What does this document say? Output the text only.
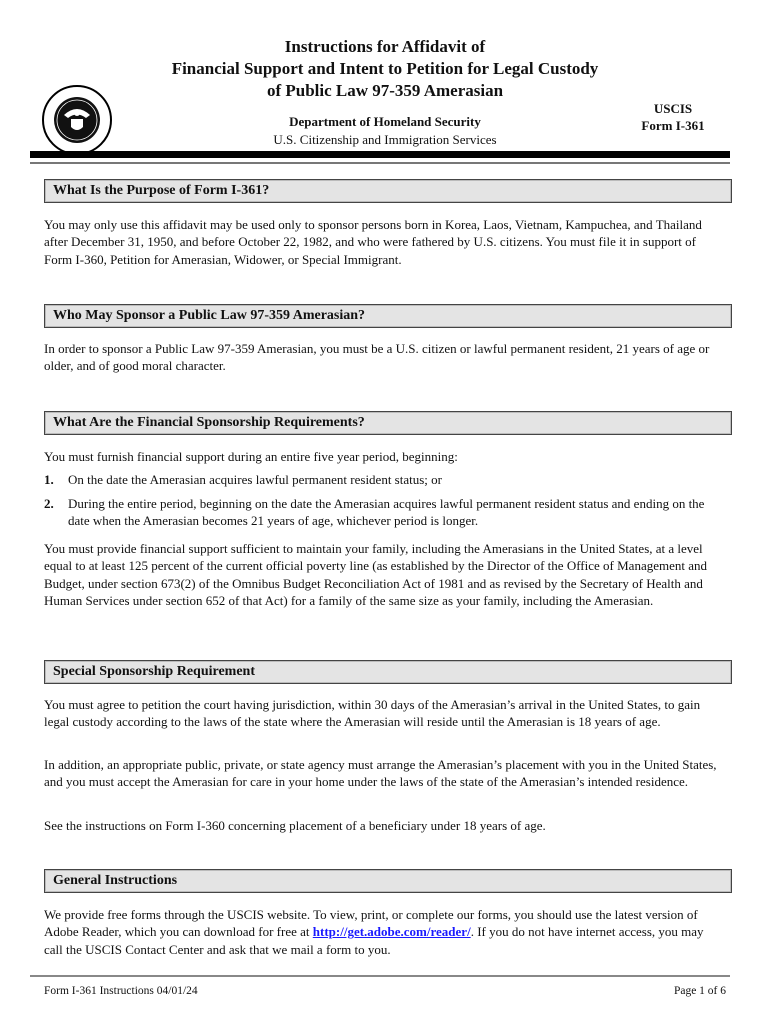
Instructions for Affidavit of
Financial Support and Intent to Petition for Legal Custody
of Public Law 97-359 Amerasian
Department of Homeland Security
U.S. Citizenship and Immigration Services
USCIS
Form I-361
What Is the Purpose of Form I-361?
You may only use this affidavit may be used only to sponsor persons born in Korea, Laos, Vietnam, Kampuchea, and Thailand after December 31, 1950, and before October 22, 1982, and who were fathered by U.S. citizens. You must file it in support of Form I-360, Petition for Amerasian, Widower, or Special Immigrant.
Who May Sponsor a Public Law 97-359 Amerasian?
In order to sponsor a Public Law 97-359 Amerasian, you must be a U.S. citizen or lawful permanent resident, 21 years of age or older, and of good moral character.
What Are the Financial Sponsorship Requirements?
You must furnish financial support during an entire five year period, beginning:
1. On the date the Amerasian acquires lawful permanent resident status; or
2. During the entire period, beginning on the date the Amerasian acquires lawful permanent resident status and ending on the date when the Amerasian becomes 21 years of age, whichever period is longer.
You must provide financial support sufficient to maintain your family, including the Amerasians in the United States, at a level equal to at least 125 percent of the current official poverty line (as established by the Director of the Office of Management and Budget, under section 673(2) of the Omnibus Budget Reconciliation Act of 1981 and as revised by the Secretary of Health and Human Services under section 652 of that Act) for a family of the same size as your family, including the Amerasian.
Special Sponsorship Requirement
You must agree to petition the court having jurisdiction, within 30 days of the Amerasian’s arrival in the United States, to gain legal custody according to the laws of the state where the Amerasian will reside until the Amerasian is 18 years of age.
In addition, an appropriate public, private, or state agency must arrange the Amerasian’s placement with you in the United States, and you must accept the Amerasian for care in your home under the laws of the state of the Amerasian’s intended residence.
See the instructions on Form I-360 concerning placement of a beneficiary under 18 years of age.
General Instructions
We provide free forms through the USCIS website. To view, print, or complete our forms, you should use the latest version of Adobe Reader, which you can download for free at http://get.adobe.com/reader/. If you do not have internet access, you may call the USCIS Contact Center and ask that we mail a form to you.
Form I-361 Instructions 04/01/24	Page 1 of 6
